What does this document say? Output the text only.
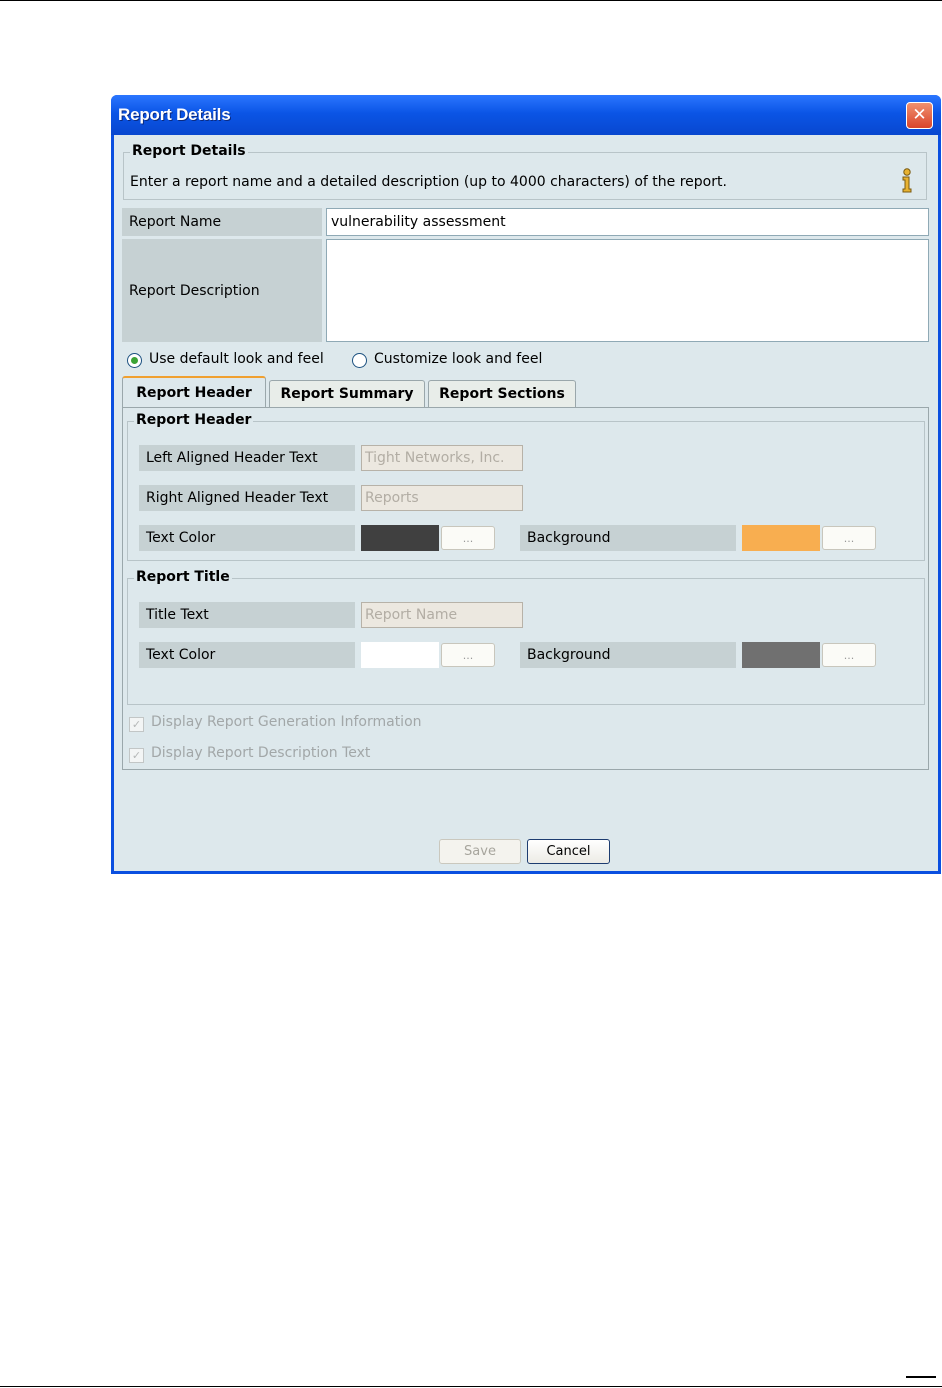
Report Details	✕
Report Details
Enter a report name and a detailed description (up to 4000 characters) of the report.
Report Name	vulnerability assessment
Report Description
Use default look and feel	Customize look and feel
Report Header	Report Summary	Report Sections
Report Header
Left Aligned Header Text	Tight Networks, Inc.
Right Aligned Header Text	Reports
Text Color	...	Background	...
Report Title
Title Text	Report Name
Text Color	...	Background	...
✓ Display Report Generation Information
✓ Display Report Description Text
Save	Cancel
